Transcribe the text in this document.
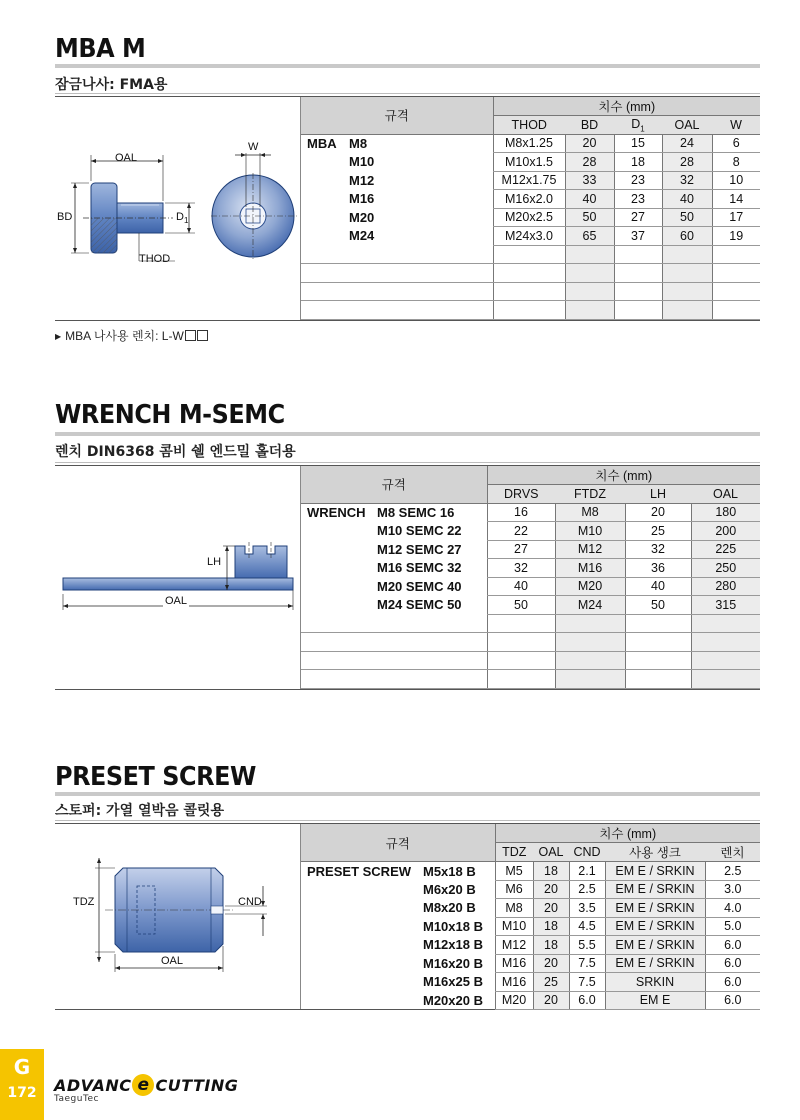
MBA M
잠금나사: FMA용
OAL
W
BD	$D_1$
THOD
규격	치수 (mm)				
	THOD	BD	$D_1$	OAL	W
MBA M8	M8x1.25	20	15	24	6
M10	M10x1.5	28	18	28	8
M12	M12x1.75	33	23	32	10
M16	M16x2.0	40	23	40	14
M20	M20x2.5	50	27	50	17
M24	M24x3.0	65	37	60	19

▶ MBA 나사용 렌치: L-W
WRENCH M-SEMC
렌치 DIN6368 콤비 쉘 엔드밀 홀더용
LH
OAL
규격	치수 (mm)			
	DRVS	FTDZ	LH	OAL
WRENCH M8 SEMC 16	16	M8	20	180
M10 SEMC 22	22	M10	25	200
M12 SEMC 27	27	M12	32	225
M16 SEMC 32	32	M16	36	250
M20 SEMC 40	40	M20	40	280
M24 SEMC 50	50	M24	50	315

PRESET SCREW
스토퍼: 가열 열박음 콜릿용
TDZ	CND
OAL
규격	치수 (mm)				
	TDZ	OAL	CND	사용 생크	렌치
PRESET SCREW M5x18 B	M5	18	2.1	EM E / SRKIN	2.5
M6x20 B	M6	20	2.5	EM E / SRKIN	3.0
M8x20 B	M8	20	3.5	EM E / SRKIN	4.0
M10x18 B	M10	18	4.5	EM E / SRKIN	5.0
M12x18 B	M12	18	5.5	EM E / SRKIN	6.0
M16x20 B	M16	20	7.5	EM E / SRKIN	6.0
M16x25 B	M16	25	7.5	SRKIN	6.0
M20x20 B	M20	20	6.0	EM E	6.0
G
172	ADVANC e CUTTING
TaeguTec
